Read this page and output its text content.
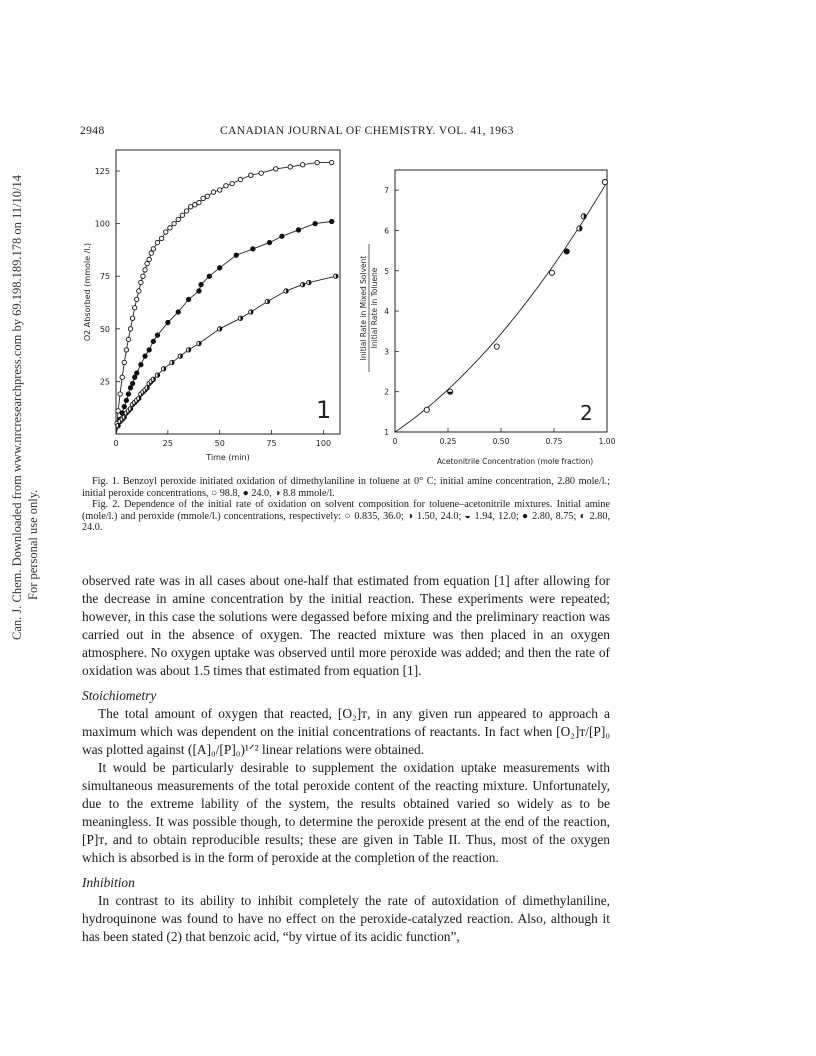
Can. J. Chem. Downloaded from www.nrcresearchpress.com by 69.198.189.178 on 11/10/14 For personal use only.
2948	CANADIAN JOURNAL OF CHEMISTRY. VOL. 41, 1963
0	25	50	75	100
25
50
75
100
125
1
Time (min)
O2 Absorbed (mmole /l.)
0	0.25	0.50	0.75	1.00
1
2
3
4
5
6
7
2
Acetonitrile Concentration (mole fraction)
Initial Rate in Mixed Solvent Initial Rate in Toluene

Fig. 1. Benzoyl peroxide initiated oxidation of dimethylaniline in toluene at 0° C; initial amine concentration, 2.80 mole/l.; initial peroxide concentrations, ○ 98.8, ● 24.0, ◑ 8.8 mmole/l.

Fig. 2. Dependence of the initial rate of oxidation on solvent composition for toluene–acetonitrile mixtures. Initial amine (mole/l.) and peroxide (mmole/l.) concentrations, respectively: ○ 0.835, 36.0; ◑ 1.50, 24.0; ◒ 1.94, 12.0; ● 2.80, 8.75; ◐ 2.80, 24.0.

observed rate was in all cases about one-half that estimated from equation [1] after allowing for the decrease in amine concentration by the initial reaction. These experiments were repeated; however, in this case the solutions were degassed before mixing and the preliminary reaction was carried out in the absence of oxygen. The reacted mixture was then placed in an oxygen atmosphere. No oxygen uptake was observed until more peroxide was added; and then the rate of oxidation was about 1.5 times that estimated from equation [1].

Stoichiometry

The total amount of oxygen that reacted, [O₂]ᴛ, in any given run appeared to approach a maximum which was dependent on the initial concentrations of reactants. In fact when [O₂]ᴛ/[P]₀ was plotted against ([A]₀/[P]₀)¹ᐟ² linear relations were obtained.

It would be particularly desirable to supplement the oxidation uptake measurements with simultaneous measurements of the total peroxide content of the reacting mixture. Unfortunately, due to the extreme lability of the system, the results obtained varied so widely as to be meaningless. It was possible though, to determine the peroxide present at the end of the reaction, [P]ᴛ, and to obtain reproducible results; these are given in Table II. Thus, most of the oxygen which is absorbed is in the form of peroxide at the completion of the reaction.

Inhibition

In contrast to its ability to inhibit completely the rate of autoxidation of dimethylaniline, hydroquinone was found to have no effect on the peroxide-catalyzed reaction. Also, although it has been stated (2) that benzoic acid, “by virtue of its acidic function”,
